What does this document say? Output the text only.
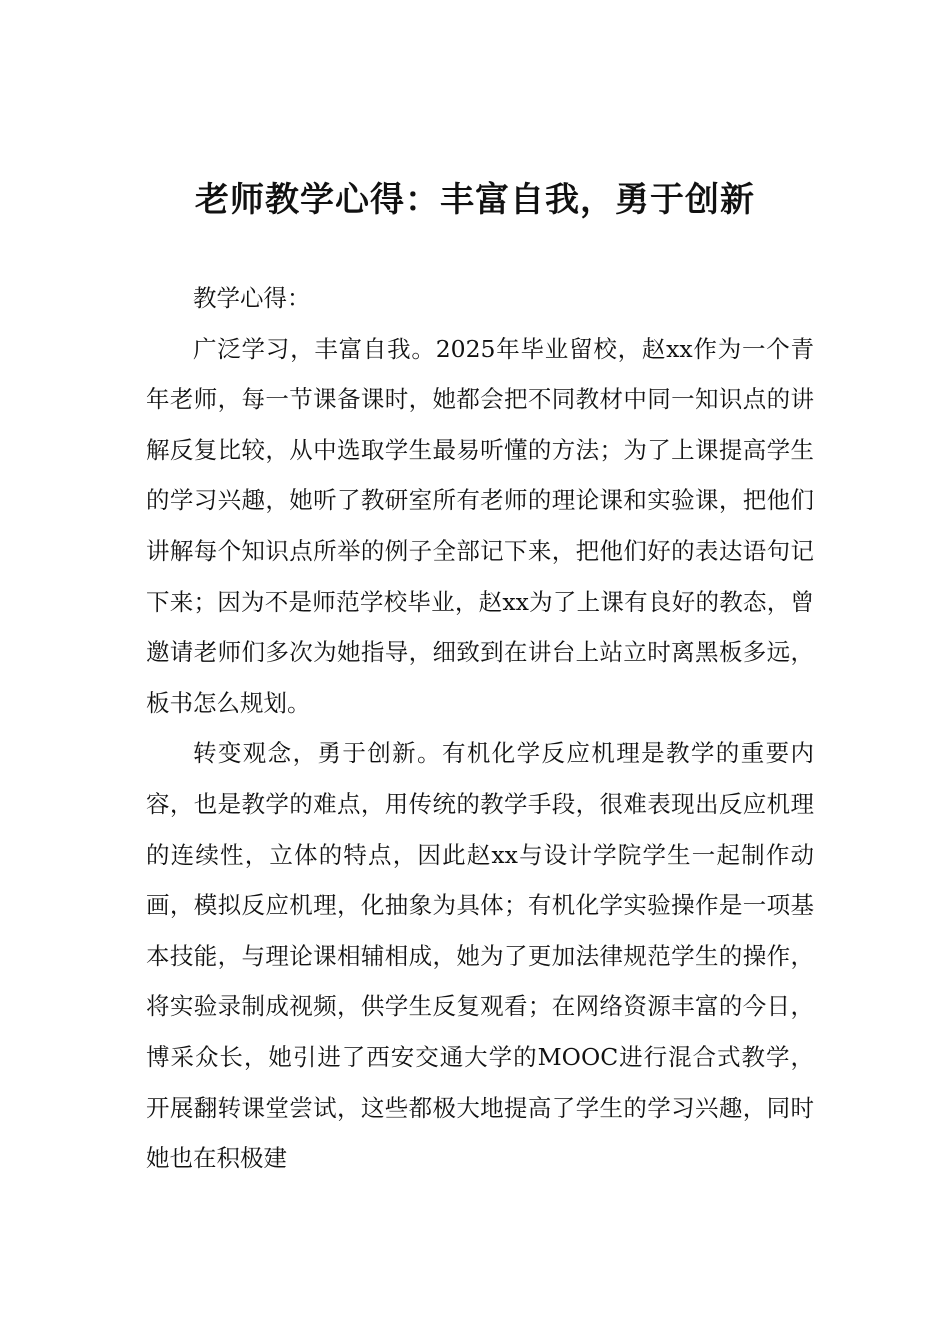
老师教学心得：丰富自我，勇于创新

教学心得：

广泛学习，丰富自我。2025年毕业留校，赵xx作为一个青年老师，每一节课备课时，她都会把不同教材中同一知识点的讲解反复比较，从中选取学生最易听懂的方法；为了上课提高学生的学习兴趣，她听了教研室所有老师的理论课和实验课，把他们讲解每个知识点所举的例子全部记下来，把他们好的表达语句记下来；因为不是师范学校毕业，赵xx为了上课有良好的教态，曾邀请老师们多次为她指导，细致到在讲台上站立时离黑板多远，板书怎么规划。

转变观念，勇于创新。有机化学反应机理是教学的重要内容，也是教学的难点，用传统的教学手段，很难表现出反应机理的连续性，立体的特点，因此赵xx与设计学院学生一起制作动画，模拟反应机理，化抽象为具体；有机化学实验操作是一项基本技能，与理论课相辅相成，她为了更加法律规范学生的操作，将实验录制成视频，供学生反复观看；在网络资源丰富的今日，博采众长，她引进了西安交通大学的MOOC进行混合式教学，开展翻转课堂尝试，这些都极大地提高了学生的学习兴趣，同时她也在积极建
